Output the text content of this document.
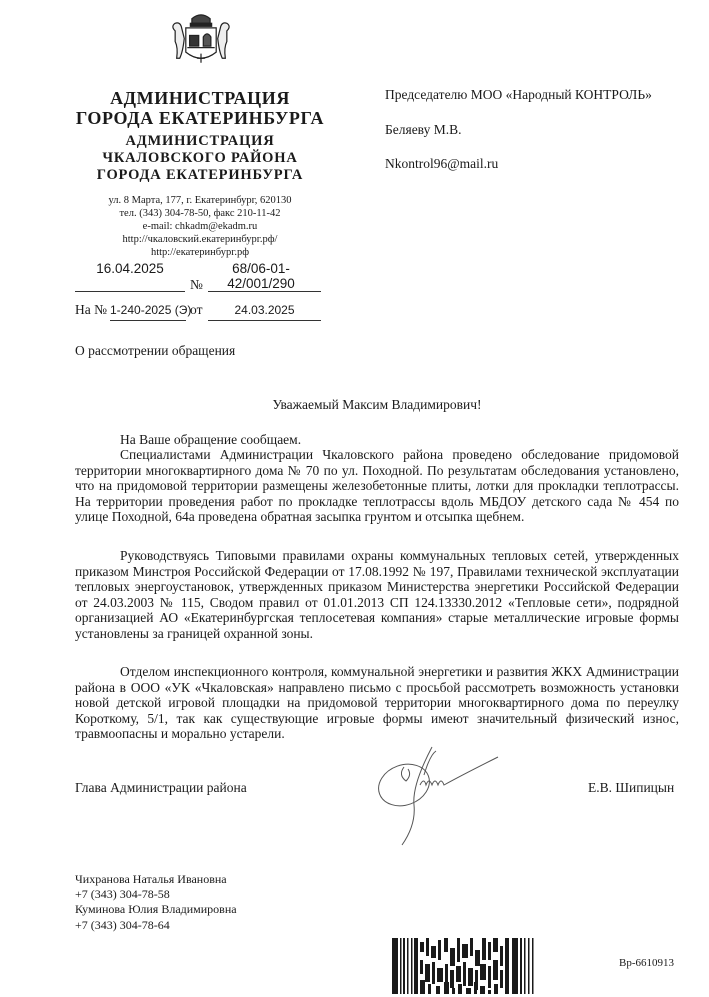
АДМИНИСТРАЦИЯ
ГОРОДА ЕКАТЕРИНБУРГА
АДМИНИСТРАЦИЯ
ЧКАЛОВСКОГО РАЙОНА
ГОРОДА ЕКАТЕРИНБУРГА
ул. 8 Марта, 177, г. Екатеринбург, 620130
тел. (343) 304-78-50, факс 210-11-42
e-mail: chkadm@ekadm.ru
http://чкаловский.екатеринбург.рф/
http://екатеринбург.рф
16.04.2025
№
68/06-01-42/001/290
На № 1-240-2025 (Э)
от	24.03.2025
Председателю МОО «Народный КОНТРОЛЬ»
Беляеву М.В.
Nkontrol96@mail.ru
О рассмотрении обращения
Уважаемый Максим Владимирович!
На Ваше обращение сообщаем.
Специалистами Администрации Чкаловского района проведено обследование придомовой территории многоквартирного дома № 70 по ул. Походной. По результатам обследования установлено, что на придомовой территории размещены железобетонные плиты, лотки для прокладки теплотрассы. На территории проведения работ по прокладке теплотрассы вдоль МБДОУ детского сада № 454 по улице Походной, 64а проведена обратная засыпка грунтом и отсыпка щебнем.
Руководствуясь Типовыми правилами охраны коммунальных тепловых сетей, утвержденных приказом Минстроя Российской Федерации от 17.08.1992 № 197, Правилами технической эксплуатации тепловых энергоустановок, утвержденных приказом Министерства энергетики Российской Федерации от 24.03.2003 № 115, Сводом правил от 01.01.2013 СП 124.13330.2012 «Тепловые сети», подрядной организацией АО «Екатеринбургская теплосетевая компания» старые металлические игровые формы установлены за границей охранной зоны.
Отделом инспекционного контроля, коммунальной энергетики и развития ЖКХ Администрации района в ООО «УК «Чкаловская» направлено письмо с просьбой рассмотреть возможность установки новой детской игровой площадки на придомовой территории многоквартирного дома по переулку Короткому, 5/1, так как существующие игровые формы имеют значительный физический износ, травмоопасны и морально устарели.
Глава Администрации района	Е.В. Шипицын
Чихранова Наталья Ивановна
+7 (343) 304-78-58
Куминова Юлия Владимировна
+7 (343) 304-78-64
Вр-6610913
